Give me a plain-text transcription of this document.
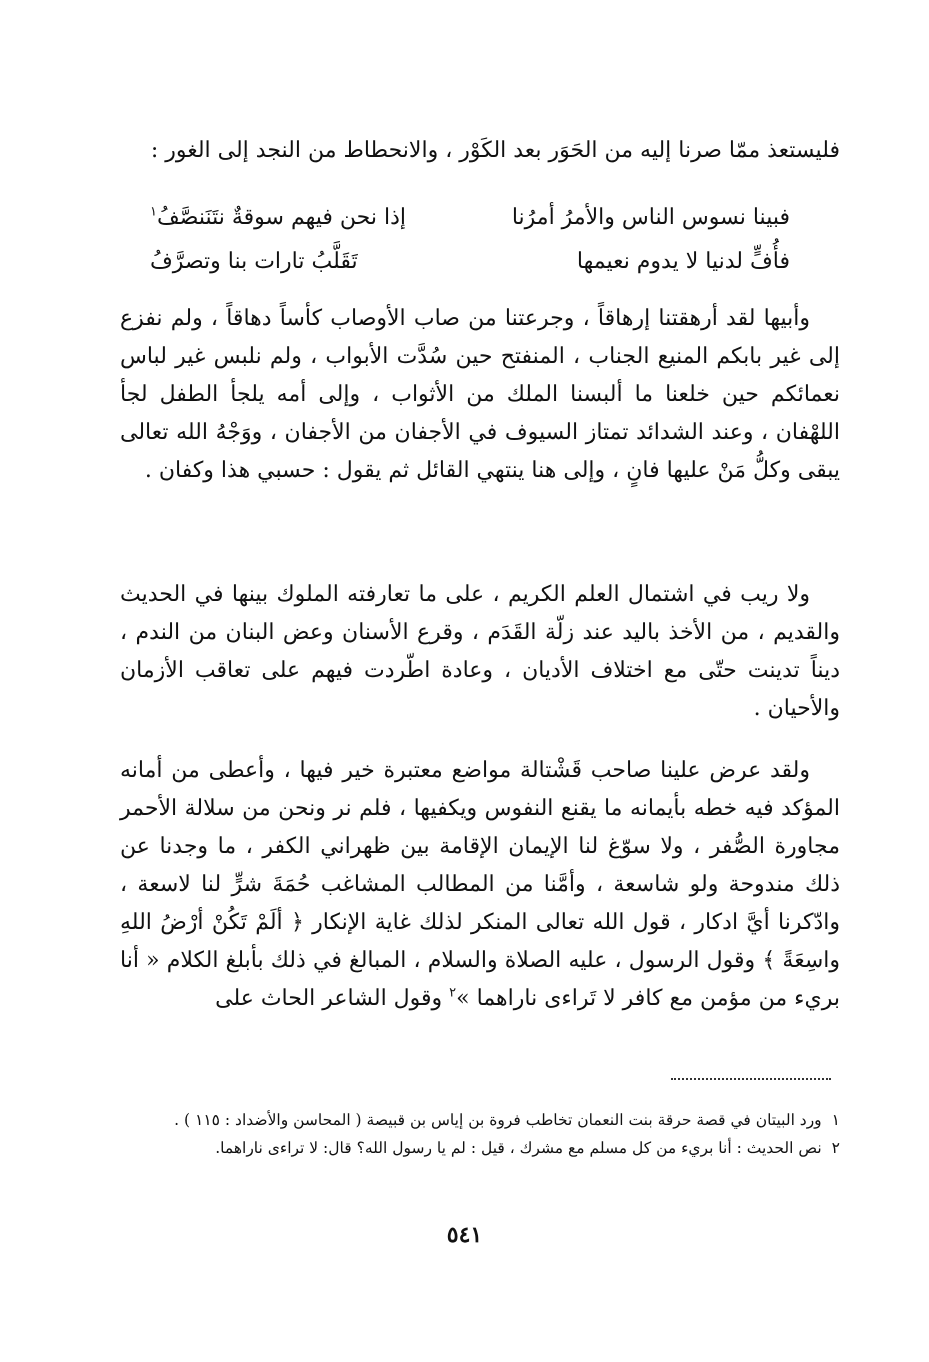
فليستعذ ممّا صرنا إليه من الحَوَر بعد الكَوْر ، والانحطاط من النجد إلى الغور :

فبينا نسوس الناس والأمرُ أمرُنا
إذا نحن فيهم سوقةٌ نتَنَنصَّفُ$^١$
فأُفٍّ لدنيا لا يدوم نعيمها
تَقَلَّبُ تارات بنا وتصرَّفُ

وأبيها لقد أرهقتنا إرهاقاً ، وجرعتنا من صاب الأوصاب كأساً دهاقاً ، ولم نفزع إلى غير بابكم المنيع الجناب ، المنفتح حين سُدَّت الأبواب ، ولم نلبس غير لباس نعمائكم حين خلعنا ما ألبسنا الملك من الأثواب ، وإلى أمه يلجأ الطفل لجأ اللهْفان ، وعند الشدائد تمتاز السيوف في الأجفان من الأجفان ، ووَجْهُ الله تعالى يبقى وكلُّ مَنْ عليها فانٍ ، وإلى هنا ينتهي القائل ثم يقول : حسبي هذا وكفان .

ولا ريب في اشتمال العلم الكريم ، على ما تعارفته الملوك بينها في الحديث والقديم ، من الأخذ باليد عند زلّة القَدَم ، وقرع الأسنان وعض البنان من الندم ، ديناً تدينت حتّى مع اختلاف الأديان ، وعادة اطّردت فيهم على تعاقب الأزمان والأحيان .

ولقد عرض علينا صاحب قَشْتالة مواضع معتبرة خير فيها ، وأعطى من أمانه المؤكد فيه خطه بأيمانه ما يقنع النفوس ويكفيها ، فلم نر ونحن من سلالة الأحمر مجاورة الصُّفر ، ولا سوّغ لنا الإيمان الإقامة بين ظهراني الكفر ، ما وجدنا عن ذلك مندوحة ولو شاسعة ، وأمَّنا من المطالب المشاغب حُمَةَ شرٍّ لنا لاسعة ، وادّكرنا أيَّ ادكار ، قول الله تعالى المنكر لذلك غاية الإنكار ﴿ ألَمْ تَكُنْ أرْضُ اللهِ واسِعَةً ﴾ وقول الرسول ، عليه الصلاة والسلام ، المبالغ في ذلك بأبلغ الكلام « أنا بريء من مؤمن مع كافر لا تَراءى ناراهما »$^٢$ وقول الشاعر الحاث على

١ورد البيتان في قصة حرقة بنت النعمان تخاطب فروة بن إياس بن قبيصة ( المحاسن والأضداد : ١١٥ ) .
٢نص الحديث : أنا بريء من كل مسلم مع مشرك ، قيل : لم يا رسول الله؟ قال: لا تراءى ناراهما.
٥٤١
